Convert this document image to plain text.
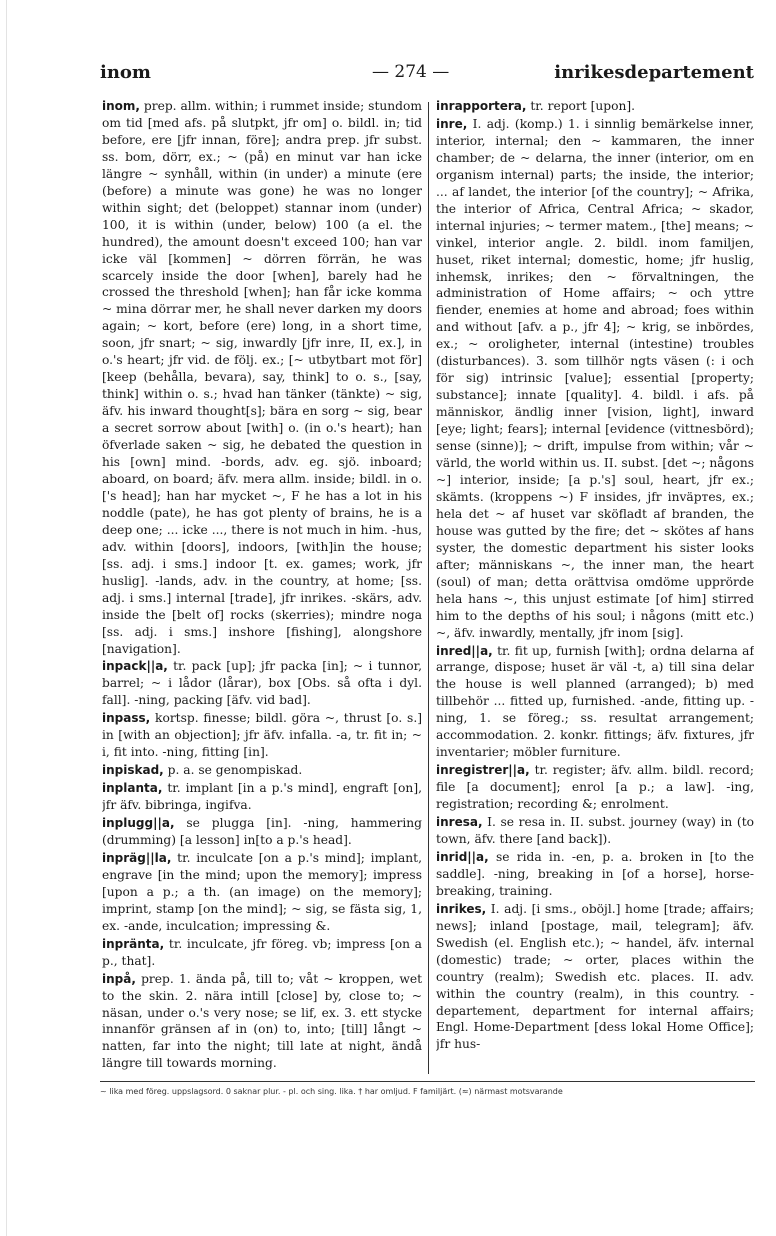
inom	— 274 —	inrikesdepartement

inom, prep. allm. within; i rummet inside; stundom om tid [med afs. på slutpkt, jfr om] o. bildl. in; tid before, ere [jfr innan, före]; andra prep. jfr subst. ss. bom, dörr, ex.; ~ (på) en minut var han icke längre ~ synhåll, within (in under) a minute (ere (before) a minute was gone) he was no longer within sight; det (beloppet) stannar inom (under) 100, it is within (under, below) 100 (a el. the hundred), the amount doesn't exceed 100; han var icke väl [kommen] ~ dörren förrän, he was scarcely inside the door [when], barely had he crossed the threshold [when]; han får icke komma ~ mina dörrar mer, he shall never darken my doors again; ~ kort, before (ere) long, in a short time, soon, jfr snart; ~ sig, inwardly [jfr inre, II, ex.], in o.'s heart; jfr vid. de följ. ex.; [~ utbytbart mot för] [keep (behålla, bevara), say, think] to o. s., [say, think] within o. s.; hvad han tänker (tänkte) ~ sig, äfv. his inward thought[s]; bära en sorg ~ sig, bear a secret sorrow about [with] o. (in o.'s heart); han öfverlade saken ~ sig, he debated the question in his [own] mind. -bords, adv. eg. sjö. inboard; aboard, on board; äfv. mera allm. inside; bildl. in o.['s head]; han har mycket ~, F he has a lot in his noddle (pate), he has got plenty of brains, he is a deep one; ... icke ..., there is not much in him. -hus, adv. within [doors], indoors, [with]in the house; [ss. adj. i sms.] indoor [t. ex. games; work, jfr huslig]. -lands, adv. in the country, at home; [ss. adj. i sms.] internal [trade], jfr inrikes. -skärs, adv. inside the [belt of] rocks (skerries); mindre noga [ss. adj. i sms.] inshore [fishing], alongshore [navigation].

inpack||a, tr. pack [up]; jfr packa [in]; ~ i tunnor, barrel; ~ i lådor (lårar), box [Obs. så ofta i dyl. fall]. -ning, packing [äfv. vid bad].

inpass, kortsp. finesse; bildl. göra ~, thrust [o. s.] in [with an objection]; jfr äfv. infalla. -a, tr. fit in; ~ i, fit into. -ning, fitting [in].

inpiskad, p. a. se genompiskad.

inplanta, tr. implant [in a p.'s mind], engraft [on], jfr äfv. bibringa, ingifva.

inplugg||a, se plugga [in]. -ning, hammering (drumming) [a lesson] in[to a p.'s head].

inpräg||la, tr. inculcate [on a p.'s mind]; implant, engrave [in the mind; upon the memory]; impress [upon a p.; a th. (an image) on the memory]; imprint, stamp [on the mind]; ~ sig, se fästa sig, 1, ex. -ande, inculcation; impressing &.

inpränta, tr. inculcate, jfr föreg. vb; impress [on a p., that].

inpå, prep. 1. ända på, till to; våt ~ kroppen, wet to the skin. 2. nära intill [close] by, close to; ~ näsan, under o.'s very nose; se lif, ex. 3. ett stycke innanför gränsen af in (on) to, into; [till] långt ~ natten, far into the night; till late at night, ändå längre till towards morning.

inrapportera, tr. report [upon].

inre, I. adj. (komp.) 1. i sinnlig bemärkelse inner, interior, internal; den ~ kammaren, the inner chamber; de ~ delarna, the inner (interior, om en organism internal) parts; the inside, the interior; ... af landet, the interior [of the country]; ~ Afrika, the interior of Africa, Central Africa; ~ skador, internal injuries; ~ termer matem., [the] means; ~ vinkel, interior angle. 2. bildl. inom familjen, huset, riket internal; domestic, home; jfr huslig, inhemsk, inrikes; den ~ förvaltningen, the administration of Home affairs; ~ och yttre fiender, enemies at home and abroad; foes within and without [afv. a p., jfr 4]; ~ krig, se inbördes, ex.; ~ oroligheter, internal (intestine) troubles (disturbances). 3. som tillhör ngts väsen (: i och för sig) intrinsic [value]; essential [property; substance]; innate [quality]. 4. bildl. i afs. på människor, ändlig inner [vision, light], inward [eye; light; fears]; internal [evidence (vittnesbörd); sense (sinne)]; ~ drift, impulse from within; vår ~ värld, the world within us. II. subst. [det ~; någons ~] interior, inside; [a p.'s] soul, heart, jfr ex.; skämts. (kroppens ~) F insides, jfr inväртes, ex.; hela det ~ af huset var sköfladt af branden, the house was gutted by the fire; det ~ skötes af hans syster, the domestic department his sister looks after; människans ~, the inner man, the heart (soul) of man; detta orättvisa omdöme upprörde hela hans ~, this unjust estimate [of him] stirred him to the depths of his soul; i någons (mitt etc.) ~, äfv. inwardly, mentally, jfr inom [sig].

inred||a, tr. fit up, furnish [with]; ordna delarna af arrange, dispose; huset är väl -t, a) till sina delar the house is well planned (arranged); b) med tillbehör ... fitted up, furnished. -ande, fitting up. -ning, 1. se föreg.; ss. resultat arrangement; accommodation. 2. konkr. fittings; äfv. fixtures, jfr inventarier; möbler furniture.

inregistrer||a, tr. register; äfv. allm. bildl. record; file [a document]; enrol [a p.; a law]. -ing, registration; recording &; enrolment.

inresa, I. se resa in. II. subst. journey (way) in (to town, äfv. there [and back]).

inrid||a, se rida in. -en, p. a. broken in [to the saddle]. -ning, breaking in [of a horse], horse-breaking, training.

inrikes, I. adj. [i sms., oböjl.] home [trade; affairs; news]; inland [postage, mail, telegram]; äfv. Swedish (el. English etc.); ~ handel, äfv. internal (domestic) trade; ~ orter, places within the country (realm); Swedish etc. places. II. adv. within the country (realm), in this country. -departement, department for internal affairs; Engl. Home-Department [dess lokal Home Office]; jfr hus-

~ lika med föreg. uppslagsord. 0 saknar plur. - pl. och sing. lika. † har omljud. F familjärt. (≈) närmast motsvarande
